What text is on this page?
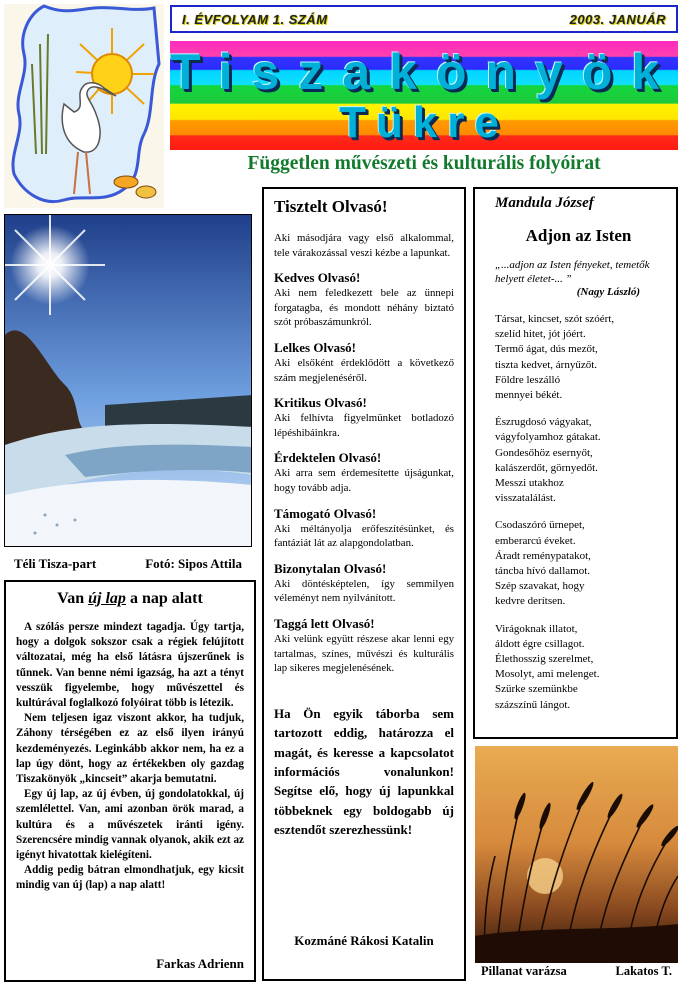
I. ÉVFOLYAM 1. SZÁM	2003. JANUÁR
Tiszakönyök
Tükre
Független művészeti és kulturális folyóirat
Téli Tisza-part	Fotó: Sipos Attila
Van új lap a nap alatt

A szólás persze mindezt tagadja. Úgy tartja, hogy a dolgok sokszor csak a régiek felújított változatai, még ha első látásra újszerűnek is tűnnek. Van benne némi igazság, ha azt a tényt vesszük figyelembe, hogy művészettel és kultúrával foglalkozó folyóirat több is létezik.

Nem teljesen igaz viszont akkor, ha tudjuk, Záhony térségében ez az első ilyen irányú kezdeményezés. Leginkább akkor nem, ha ez a lap úgy dönt, hogy az értékekben oly gazdag Tiszakönyök „kincseit” akarja bemutatni.

Egy új lap, az új évben, új gondolatokkal, új szemlélettel. Van, ami azonban örök marad, a kultúra és a művészetek iránti igény. Szerencsére mindig vannak olyanok, akik ezt az igényt hivatottak kielégíteni.

Addig pedig bátran elmondhatjuk, egy kicsit mindig van új (lap) a nap alatt!

Farkas Adrienn
Tisztelt Olvasó!
Aki másodjára vagy első alkalommal, tele várakozással veszi kézbe a lapunkat.
Kedves Olvasó!
Aki nem feledkezett bele az ünnepi forgatagba, és mondott néhány biztató szót próbaszámunkról.
Lelkes Olvasó!
Aki elsőként érdeklődött a következő szám megjelenéséről.
Kritikus Olvasó!
Aki felhívta figyelmünket botladozó lépéshibáinkra.
Érdektelen Olvasó!
Aki arra sem érdemesítette újságunkat, hogy tovább adja.
Támogató Olvasó!
Aki méltányolja erőfeszítésünket, és fantáziát lát az alapgondolatban.
Bizonytalan Olvasó!
Aki döntésképtelen, így semmilyen véleményt nem nyilvánított.
Taggá lett Olvasó!
Aki velünk együtt részese akar lenni egy tartalmas, színes, művészi és kulturális lap sikeres megjelenésének.
Ha Ön egyik táborba sem tartozott eddig, határozza el magát, és keresse a kapcsolatot információs vonalunkon! Segítse elő, hogy új lapunkkal többeknek egy boldogabb új esztendőt szerezhessünk!
Kozmáné Rákosi Katalin
Mandula József
Adjon az Isten
„...adjon az Isten fényeket, temetők helyett életet-... ”
(Nagy László)
Társat, kincset, szót szóért,
szelíd hitet, jót jóért.
Termő ágat, dús mezőt,
tiszta kedvet, árnyűzőt.
Földre leszálló
mennyei békét.
Észrugdosó vágyakat,
vágyfolyamhoz gátakat.
Gondesőhöz esernyőt,
kalászerdőt, görnyedőt.
Messzi utakhoz
visszatalálást.
Csodaszóró ürnepet,
emberarcú éveket.
Áradt reménypatakot,
táncba hívó dallamot.
Szép szavakat, hogy
kedvre derítsen.
Virágoknak illatot,
áldott égre csillagot.
Élethosszig szerelmet,
Mosolyt, ami melenget.
Szürke szemünkbe
százszínű lángot.
Pillanat varázsa	Lakatos T.
